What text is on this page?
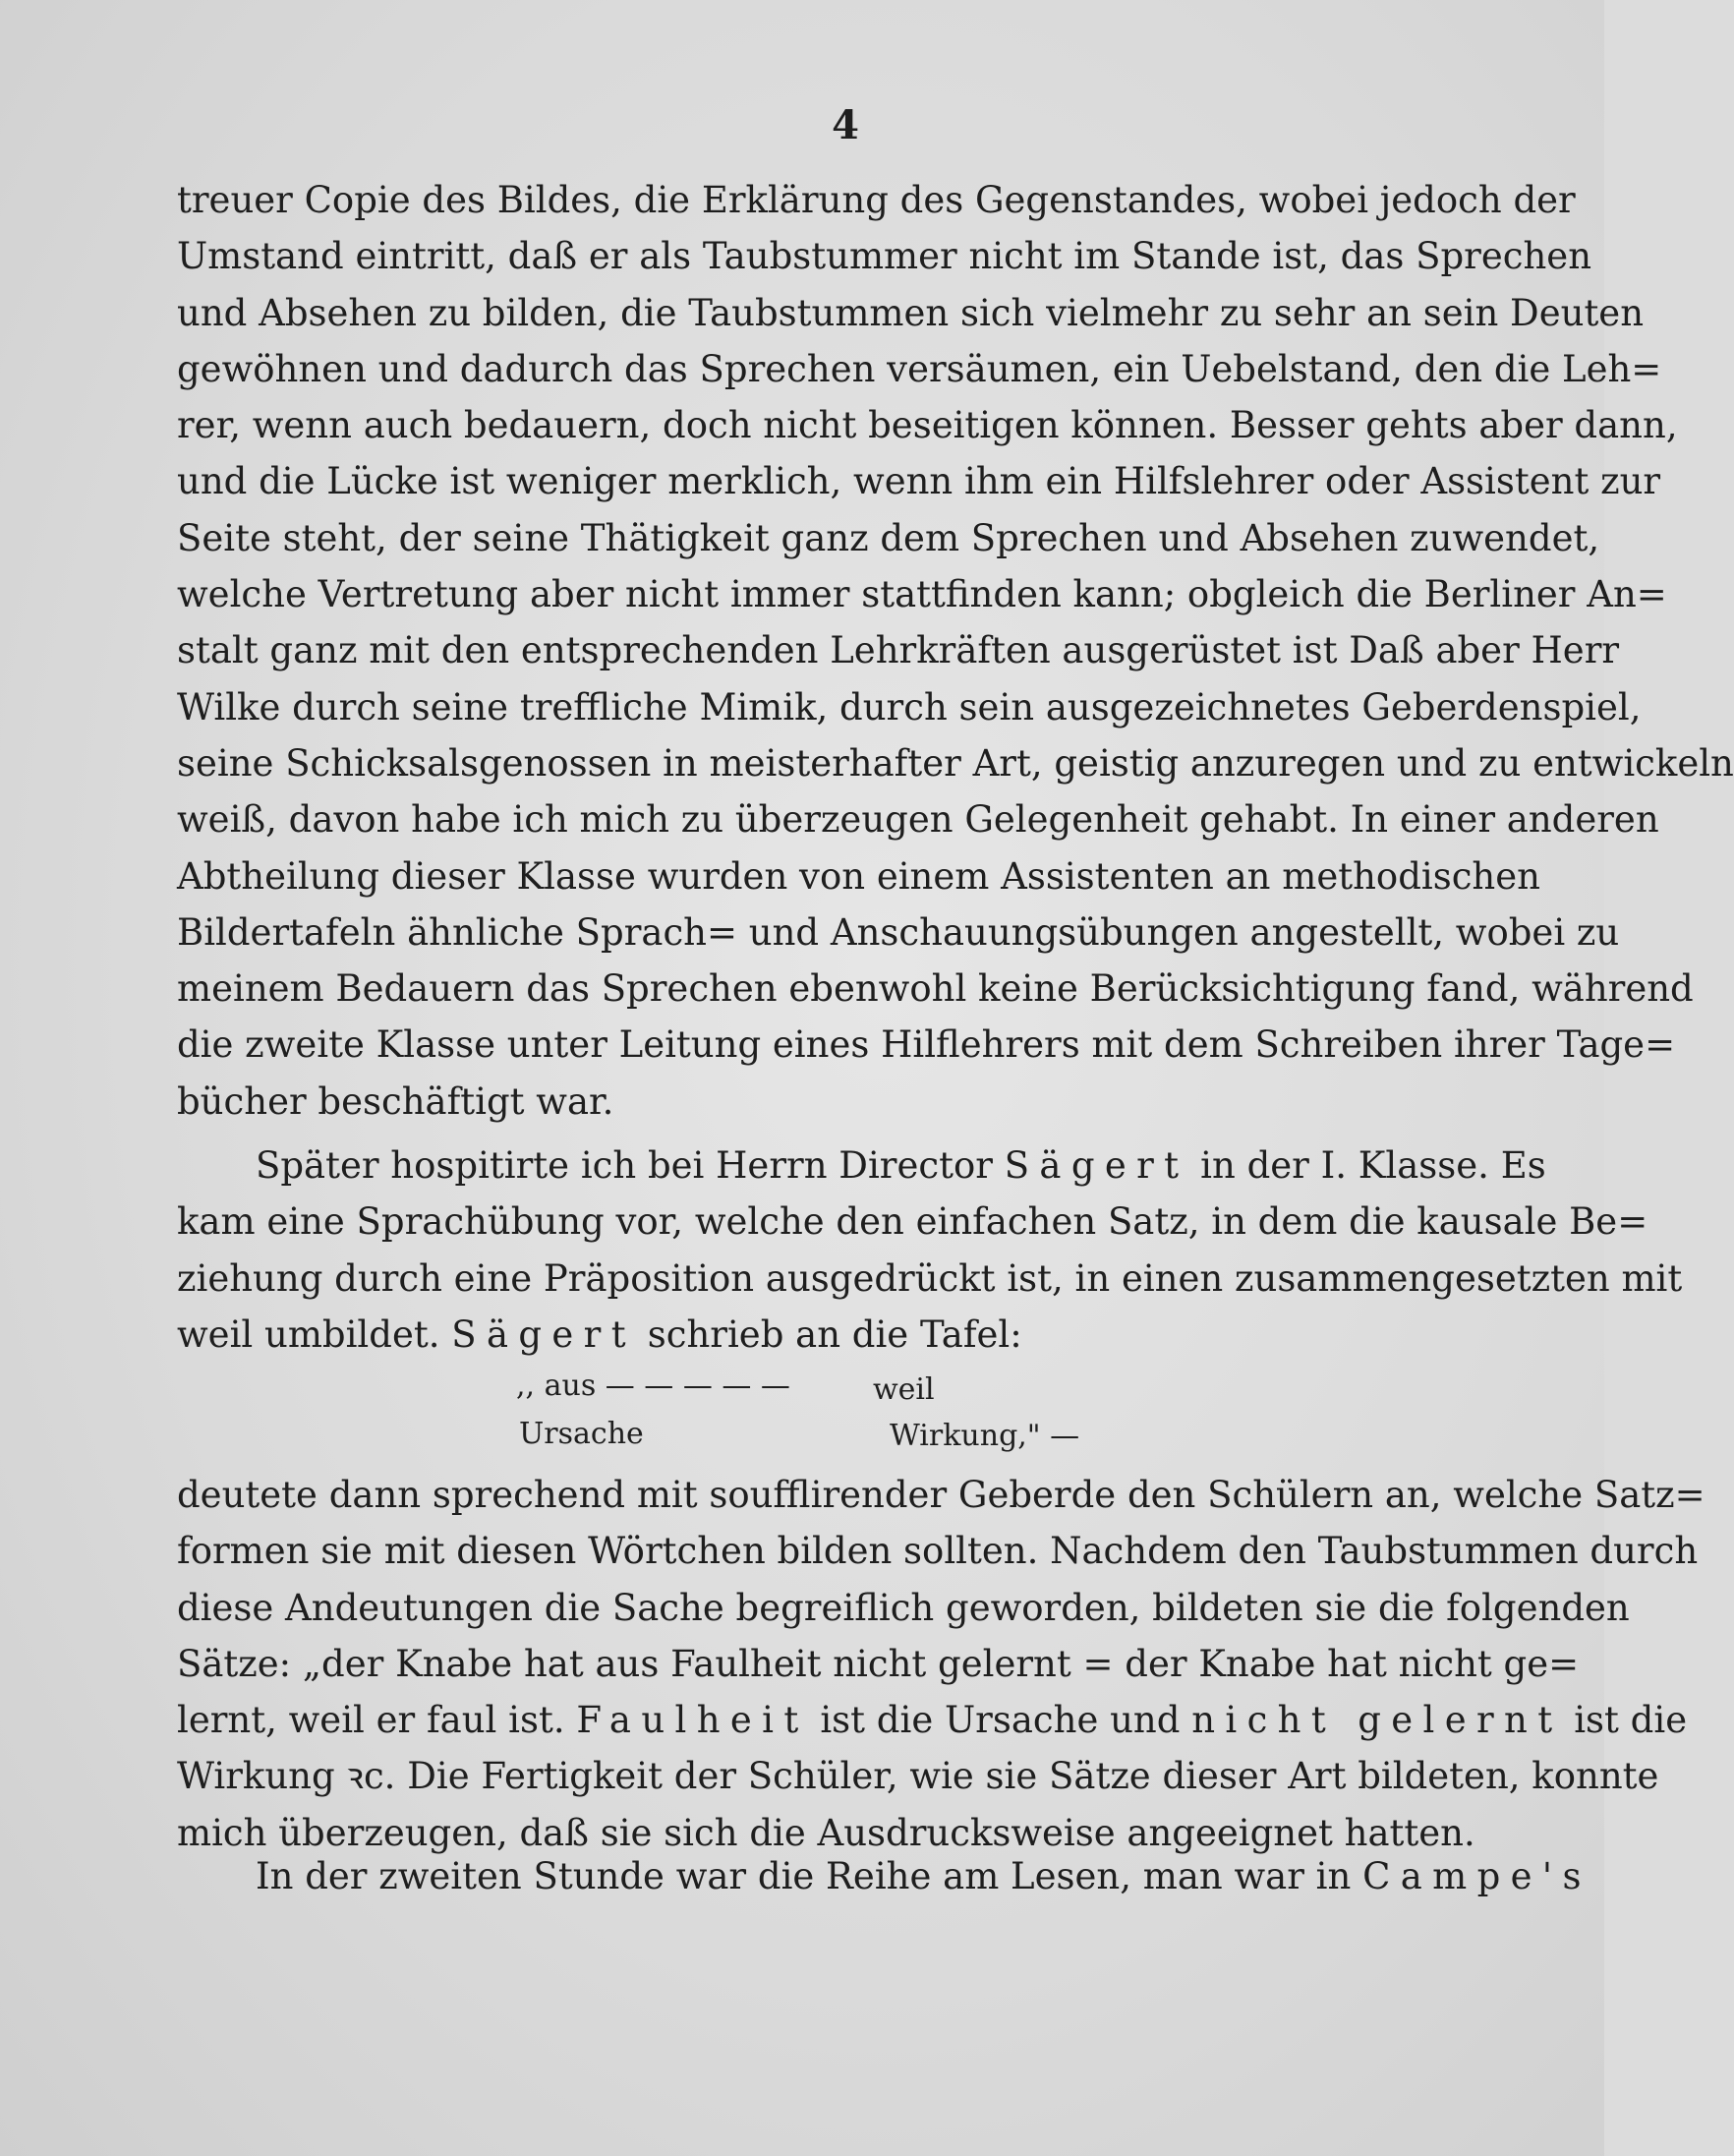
4
treuer Copie des Bildes, die Erklärung des Gegenstandes, wobei jedoch der
Umstand eintritt, daß er als Taubstummer nicht im Stande ist, das Sprechen
und Absehen zu bilden, die Taubstummen sich vielmehr zu sehr an sein Deuten
gewöhnen und dadurch das Sprechen versäumen, ein Uebelstand, den die Leh=
rer, wenn auch bedauern, doch nicht beseitigen können. Besser gehts aber dann,
und die Lücke ist weniger merklich, wenn ihm ein Hilfslehrer oder Assistent zur
Seite steht, der seine Thätigkeit ganz dem Sprechen und Absehen zuwendet,
welche Vertretung aber nicht immer stattfinden kann; obgleich die Berliner An=
stalt ganz mit den entsprechenden Lehrkräften ausgerüstet ist Daß aber Herr
Wilke durch seine treffliche Mimik, durch sein ausgezeichnetes Geberdenspiel,
seine Schicksalsgenossen in meisterhafter Art, geistig anzuregen und zu entwickeln
weiß, davon habe ich mich zu überzeugen Gelegenheit gehabt. In einer anderen
Abtheilung dieser Klasse wurden von einem Assistenten an methodischen
Bildertafeln ähnliche Sprach= und Anschauungsübungen angestellt, wobei zu
meinem Bedauern das Sprechen ebenwohl keine Berücksichtigung fand, während
die zweite Klasse unter Leitung eines Hilflehrers mit dem Schreiben ihrer Tage=
bücher beschäftigt war.
Später hospitirte ich bei Herrn Director Sägert in der I. Klasse. Es
kam eine Sprachübung vor, welche den einfachen Satz, in dem die kausale Be=
ziehung durch eine Präposition ausgedrückt ist, in einen zusammengesetzten mit
weil umbildet. Sägert schrieb an die Tafel:
,, aus — — — — —	weil
Ursache	Wirkung," —
deutete dann sprechend mit soufflirender Geberde den Schülern an, welche Satz=
formen sie mit diesen Wörtchen bilden sollten. Nachdem den Taubstummen durch
diese Andeutungen die Sache begreiflich geworden, bildeten sie die folgenden
Sätze: „der Knabe hat aus Faulheit nicht gelernt = der Knabe hat nicht ge=
lernt, weil er faul ist. Faulheit ist die Ursache und nicht gelernt ist die
Wirkung ꝛc. Die Fertigkeit der Schüler, wie sie Sätze dieser Art bildeten, konnte
mich überzeugen, daß sie sich die Ausdrucksweise angeeignet hatten.
In der zweiten Stunde war die Reihe am Lesen, man war in Campe's
